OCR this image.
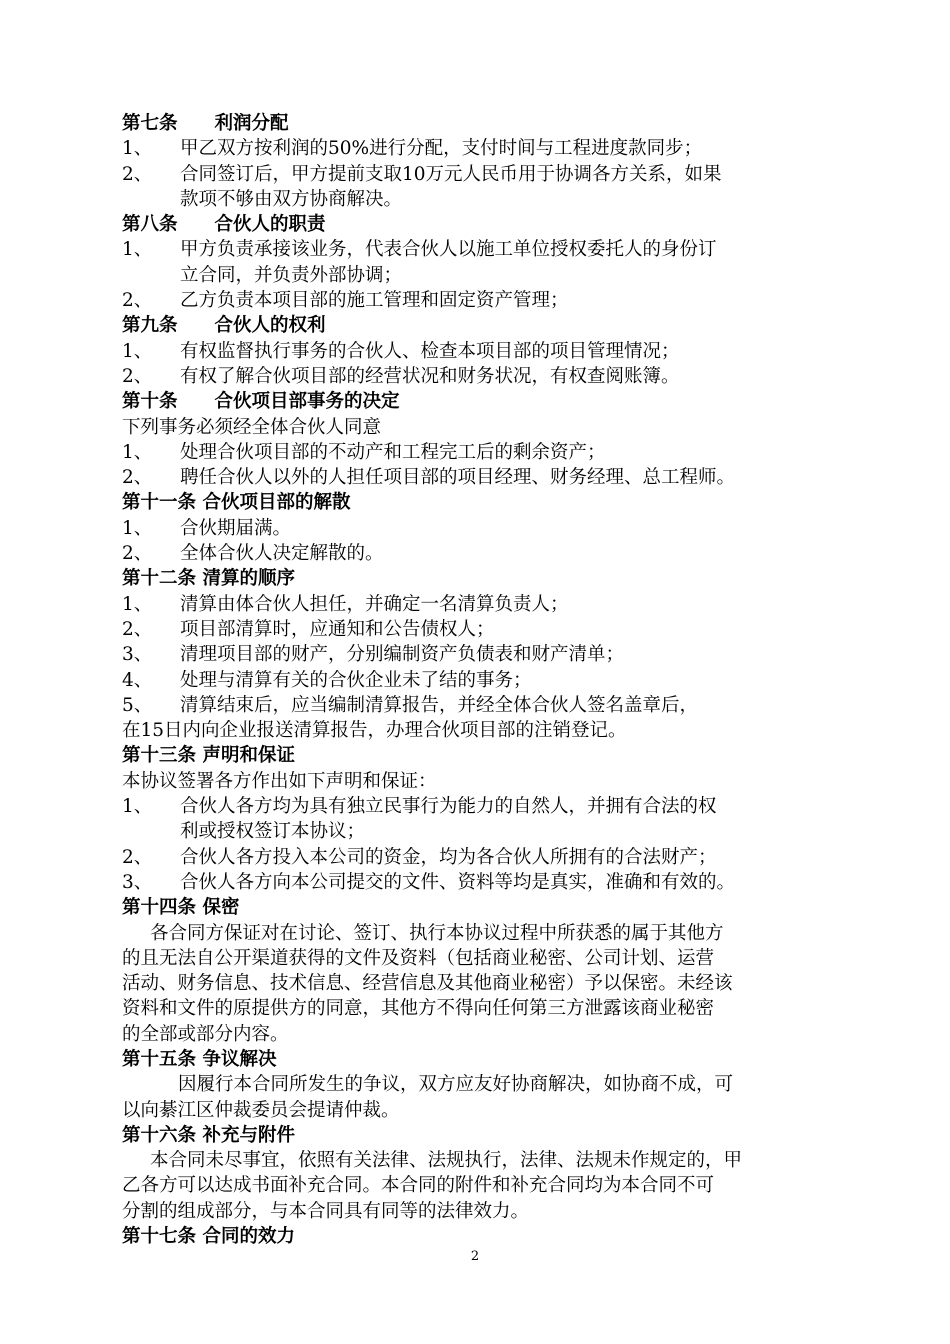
第七条　　利润分配
1、 甲乙双方按利润的50%进行分配，支付时间与工程进度款同步；
2、 合同签订后，甲方提前支取10万元人民币用于协调各方关系，如果
款项不够由双方协商解决。
第八条　　合伙人的职责
1、 甲方负责承接该业务，代表合伙人以施工单位授权委托人的身份订
立合同，并负责外部协调；
2、 乙方负责本项目部的施工管理和固定资产管理；
第九条　　合伙人的权利
1、 有权监督执行事务的合伙人、检查本项目部的项目管理情况；
2、 有权了解合伙项目部的经营状况和财务状况，有权查阅账簿。
第十条　　合伙项目部事务的决定
下列事务必须经全体合伙人同意
1、 处理合伙项目部的不动产和工程完工后的剩余资产；
2、 聘任合伙人以外的人担任项目部的项目经理、财务经理、总工程师。
第十一条 合伙项目部的解散
1、 合伙期届满。
2、 全体合伙人决定解散的。
第十二条 清算的顺序
1、 清算由体合伙人担任，并确定一名清算负责人；
2、 项目部清算时，应通知和公告债权人；
3、 清理项目部的财产，分别编制资产负债表和财产清单；
4、 处理与清算有关的合伙企业未了结的事务；
5、 清算结束后，应当编制清算报告，并经全体合伙人签名盖章后，
在15日内向企业报送清算报告，办理合伙项目部的注销登记。
第十三条 声明和保证
本协议签署各方作出如下声明和保证：
1、 合伙人各方均为具有独立民事行为能力的自然人，并拥有合法的权
利或授权签订本协议；
2、 合伙人各方投入本公司的资金，均为各合伙人所拥有的合法财产；
3、 合伙人各方向本公司提交的文件、资料等均是真实，准确和有效的。
第十四条 保密
各合同方保证对在讨论、签订、执行本协议过程中所获悉的属于其他方
的且无法自公开渠道获得的文件及资料（包括商业秘密、公司计划、运营
活动、财务信息、技术信息、经营信息及其他商业秘密）予以保密。未经该
资料和文件的原提供方的同意，其他方不得向任何第三方泄露该商业秘密
的全部或部分内容。
第十五条 争议解决
因履行本合同所发生的争议，双方应友好协商解决，如协商不成，可
以向綦江区仲裁委员会提请仲裁。
第十六条 补充与附件
本合同未尽事宜，依照有关法律、法规执行，法律、法规未作规定的，甲
乙各方可以达成书面补充合同。本合同的附件和补充合同均为本合同不可
分割的组成部分，与本合同具有同等的法律效力。
第十七条 合同的效力
2
